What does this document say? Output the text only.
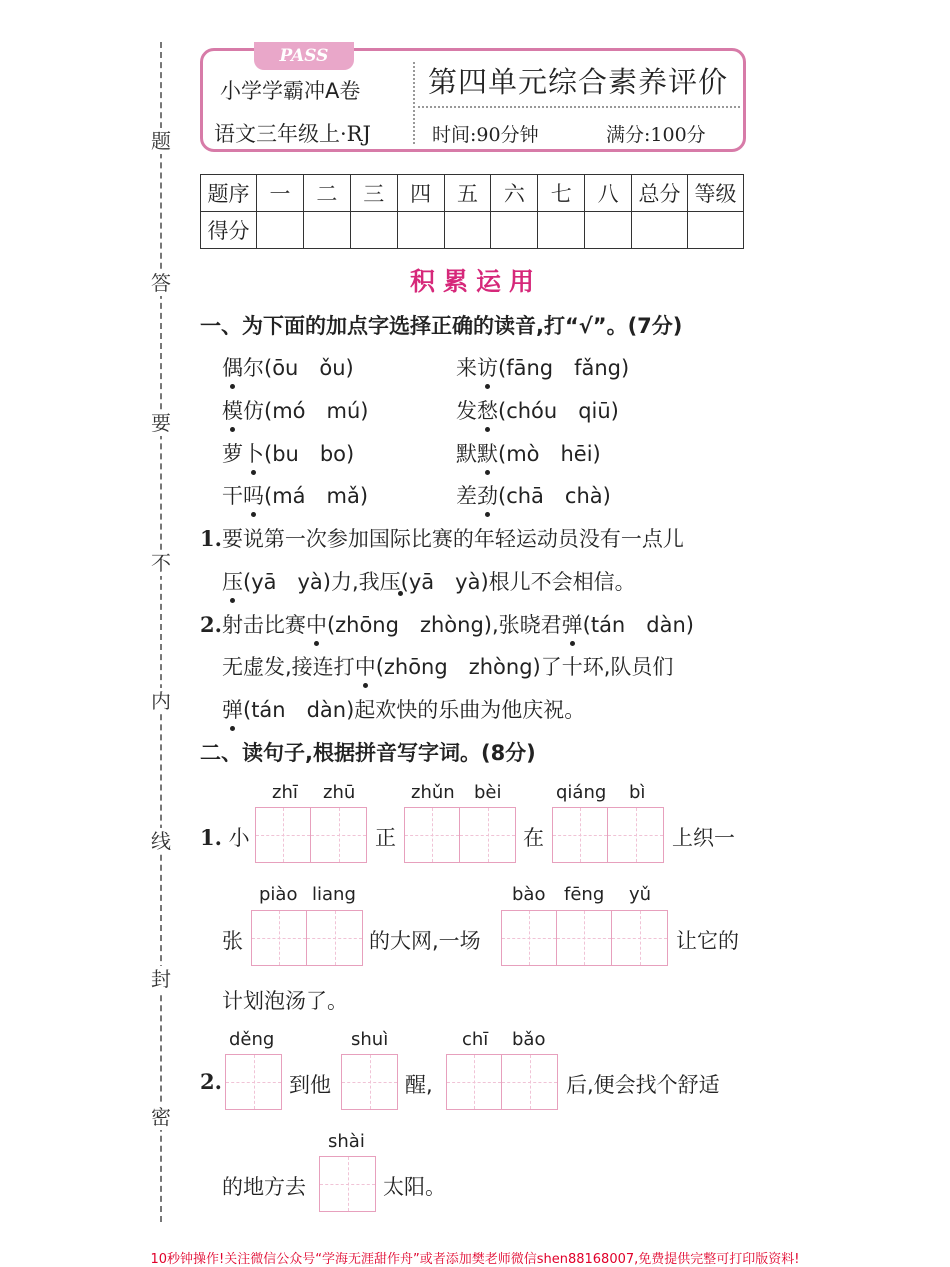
题
答
要
不
内
线
封
密
PASS
小学学霸冲A卷
语文三年级上·RJ
第四单元综合素养评价
时间:90分钟	满分:100分
题序	一	二	三	四	五	六	七	八	总分	等级
得分										
积累运用
一、为下面的加点字选择正确的读音,打“√”。(7分)
偶尔(ōu　ǒu)	来访(fāng　fǎng)
模仿(mó　mú)	发愁(chóu　qiū)
萝卜(bu　bo)	默默(mò　hēi)
干吗(má　mǎ)	差劲(chā　chà)
1.要说第一次参加国际比赛的年轻运动员没有一点儿
压(yā　yà)力,我压(yā　yà)根儿不会相信。
2.射击比赛中(zhōng　zhòng),张晓君弹(tán　dàn)
无虚发,接连打中(zhōng　zhòng)了十环,队员们
弹(tán　dàn)起欢快的乐曲为他庆祝。
二、读句子,根据拼音写字词。(8分)
1. 小
zhī zhū
正
zhǔn bèi
在
qiáng bì
上织一
张
piào liang
的大网,一场
bào fēng yǔ
让它的
计划泡汤了。
2.
děng
到他
shuì
醒,
chī bǎo
后,便会找个舒适
的地方去
shài
太阳。
10秒钟操作!关注微信公众号“学海无涯甜作舟”或者添加樊老师微信shen88168007,免费提供完整可打印版资料!
